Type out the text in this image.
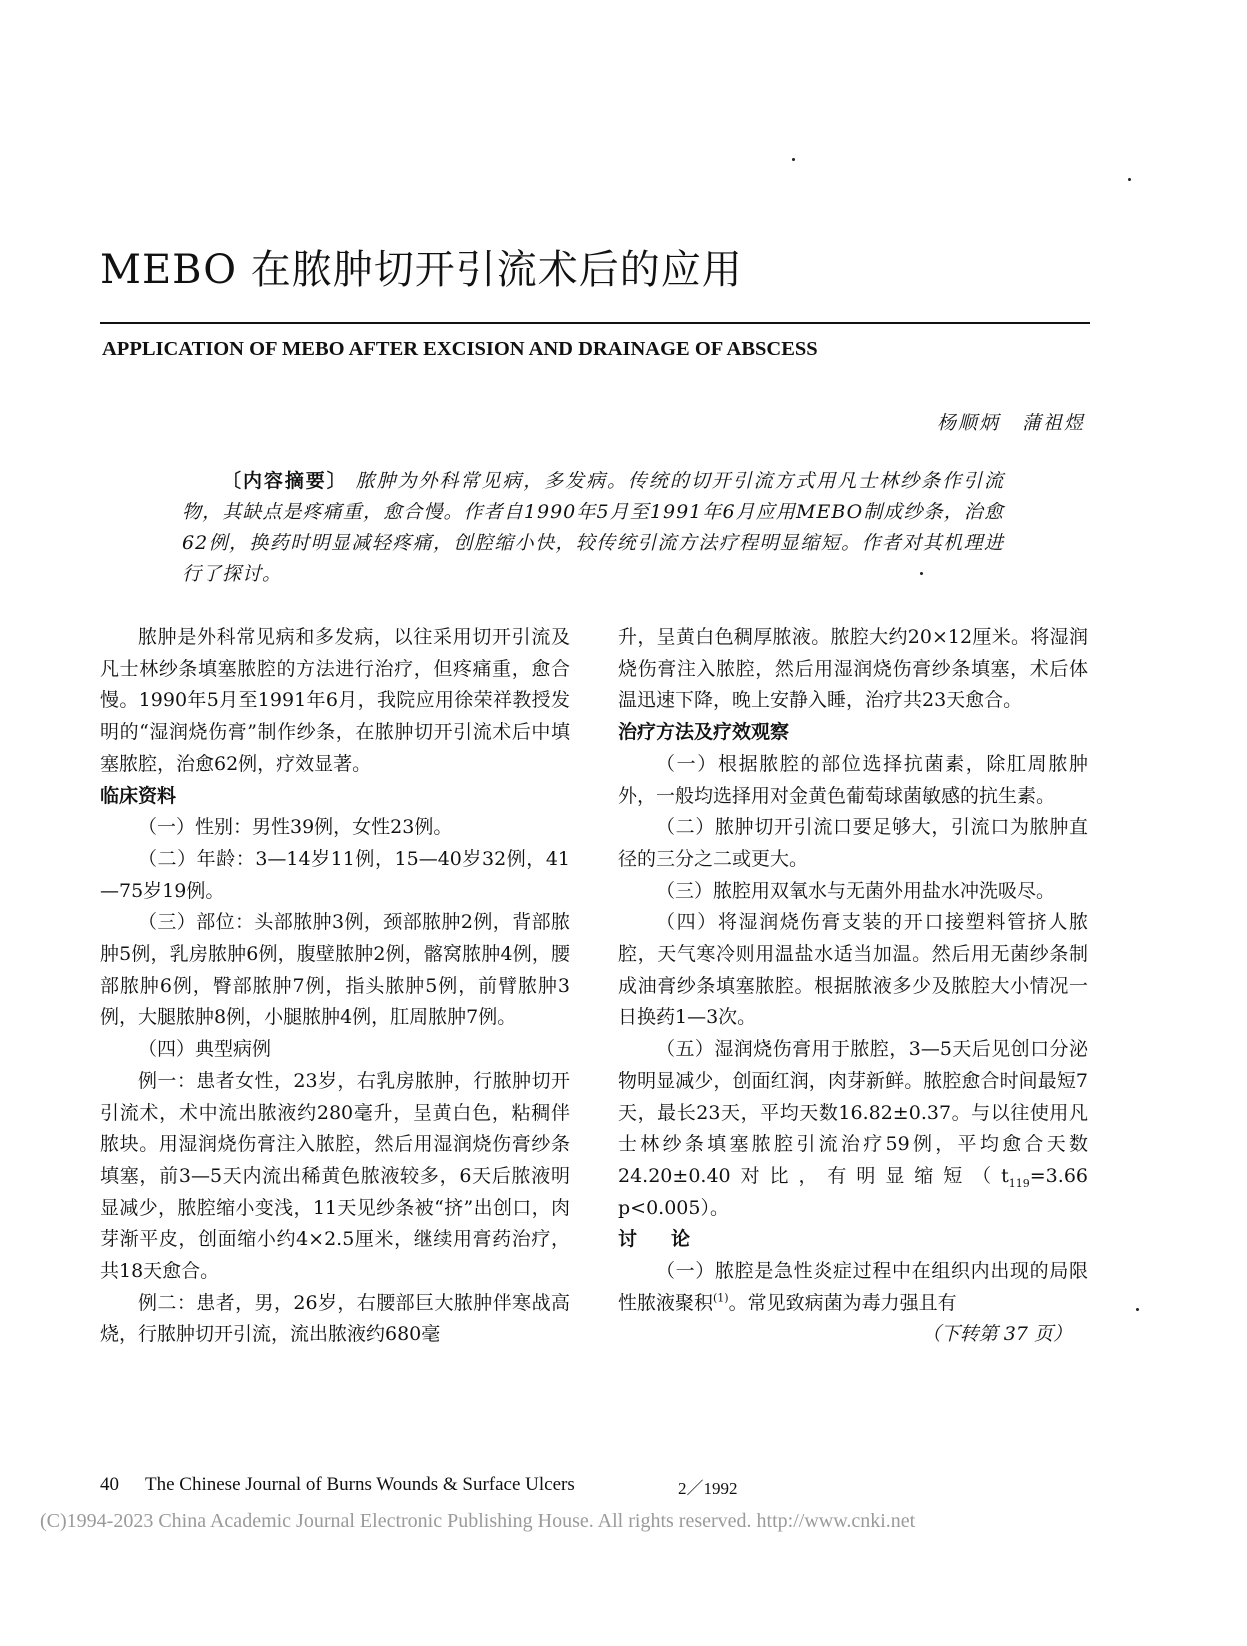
MEBO 在脓肿切开引流术后的应用
APPLICATION OF MEBO AFTER EXCISION AND DRAINAGE OF ABSCESS
杨顺炳 蒲祖煜
〔内容摘要〕 脓肿为外科常见病，多发病。传统的切开引流方式用凡士林纱条作引流物，其缺点是疼痛重，愈合慢。作者自1990年5月至1991年6月应用MEBO制成纱条，治愈62例，换药时明显减轻疼痛，创腔缩小快，较传统引流方法疗程明显缩短。作者对其机理进行了探讨。

脓肿是外科常见病和多发病，以往采用切开引流及凡士林纱条填塞脓腔的方法进行治疗，但疼痛重，愈合慢。1990年5月至1991年6月，我院应用徐荣祥教授发明的“湿润烧伤膏”制作纱条，在脓肿切开引流术后中填塞脓腔，治愈62例，疗效显著。

临床资料

（一）性别：男性39例，女性23例。

（二）年龄：3—14岁11例，15—40岁32例，41—75岁19例。

（三）部位：头部脓肿3例，颈部脓肿2例，背部脓肿5例，乳房脓肿6例，腹壁脓肿2例，髂窝脓肿4例，腰部脓肿6例，臀部脓肿7例，指头脓肿5例，前臂脓肿3例，大腿脓肿8例，小腿脓肿4例，肛周脓肿7例。

（四）典型病例

例一：患者女性，23岁，右乳房脓肿，行脓肿切开引流术，术中流出脓液约280毫升，呈黄白色，粘稠伴脓块。用湿润烧伤膏注入脓腔，然后用湿润烧伤膏纱条填塞，前3—5天内流出稀黄色脓液较多，6天后脓液明显减少，脓腔缩小变浅，11天见纱条被“挤”出创口，肉芽渐平皮，创面缩小约4×2.5厘米，继续用膏药治疗，共18天愈合。

例二：患者，男，26岁，右腰部巨大脓肿伴寒战高烧，行脓肿切开引流，流出脓液约680毫

升，呈黄白色稠厚脓液。脓腔大约20×12厘米。将湿润烧伤膏注入脓腔，然后用湿润烧伤膏纱条填塞，术后体温迅速下降，晚上安静入睡，治疗共23天愈合。

治疗方法及疗效观察

（一）根据脓腔的部位选择抗菌素，除肛周脓肿外，一般均选择用对金黄色葡萄球菌敏感的抗生素。

（二）脓肿切开引流口要足够大，引流口为脓肿直径的三分之二或更大。

（三）脓腔用双氧水与无菌外用盐水冲洗吸尽。

（四）将湿润烧伤膏支装的开口接塑料管挤人脓腔，天气寒冷则用温盐水适当加温。然后用无菌纱条制成油膏纱条填塞脓腔。根据脓液多少及脓腔大小情况一日换药1—3次。

（五）湿润烧伤膏用于脓腔，3—5天后见创口分泌物明显减少，创面红润，肉芽新鲜。脓腔愈合时间最短7天，最长23天，平均天数16.82±0.37。与以往使用凡士林纱条填塞脓腔引流治疗59例，平均愈合天数24.20±0.40对比，有明显缩短（$t_{119}=3.66$　p<0.005）。

讨论

（一）脓腔是急性炎症过程中在组织内出现的局限性脓液聚积$^{(1)}$。常见致病菌为毒力强且有

（下转第 37 页）

40 The Chinese Journal of Burns Wounds & Surface Ulcers	2／1992
(C)1994-2023 China Academic Journal Electronic Publishing House. All rights reserved. http://www.cnki.net
